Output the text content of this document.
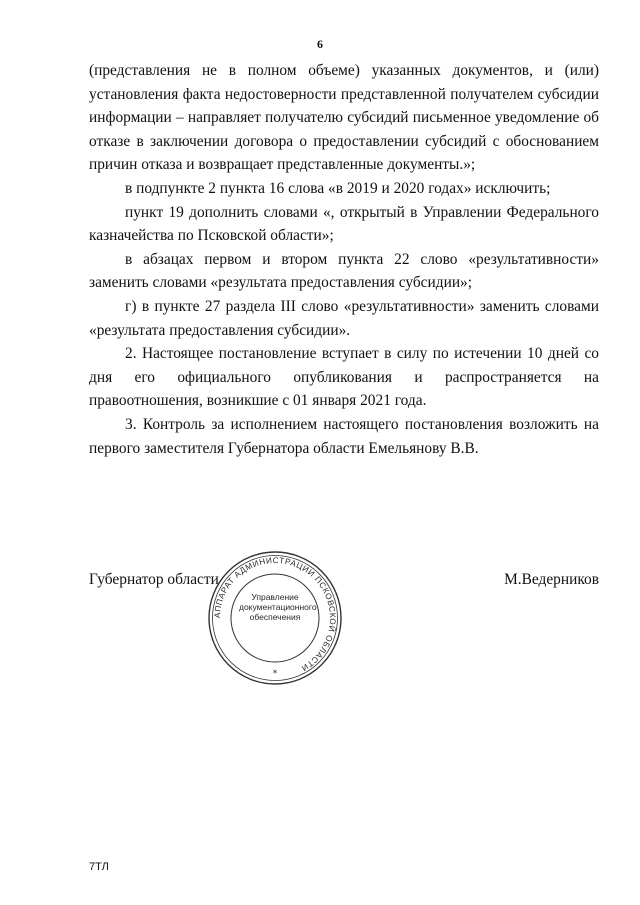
6

(представления не в полном объеме) указанных документов, и (или) установления факта недостоверности представленной получателем субсидии информации – направляет получателю субсидий письменное уведомление об отказе в заключении договора о предоставлении субсидий с обоснованием причин отказа и возвращает представленные документы.»;

в подпункте 2 пункта 16 слова «в 2019 и 2020 годах» исключить;

пункт 19 дополнить словами «, открытый в Управлении Федерального казначейства по Псковской области»;

в абзацах первом и втором пункта 22 слово «результативности» заменить словами «результата предоставления субсидии»;

г) в пункте 27 раздела III слово «результативности» заменить словами «результата предоставления субсидии».

2. Настоящее постановление вступает в силу по истечении 10 дней со дня его официального опубликования и распространяется на правоотношения, возникшие с 01 января 2021 года.

3. Контроль за исполнением настоящего постановления возложить на первого заместителя Губернатора области Емельянову В.В.

Губернатор области	М.Ведерников
АППАРАТ АДМИНИСТРАЦИИ ПСКОВСКОЙ ОБЛАСТИ
*
Управление
документационного
обеспечения
7ТЛ
